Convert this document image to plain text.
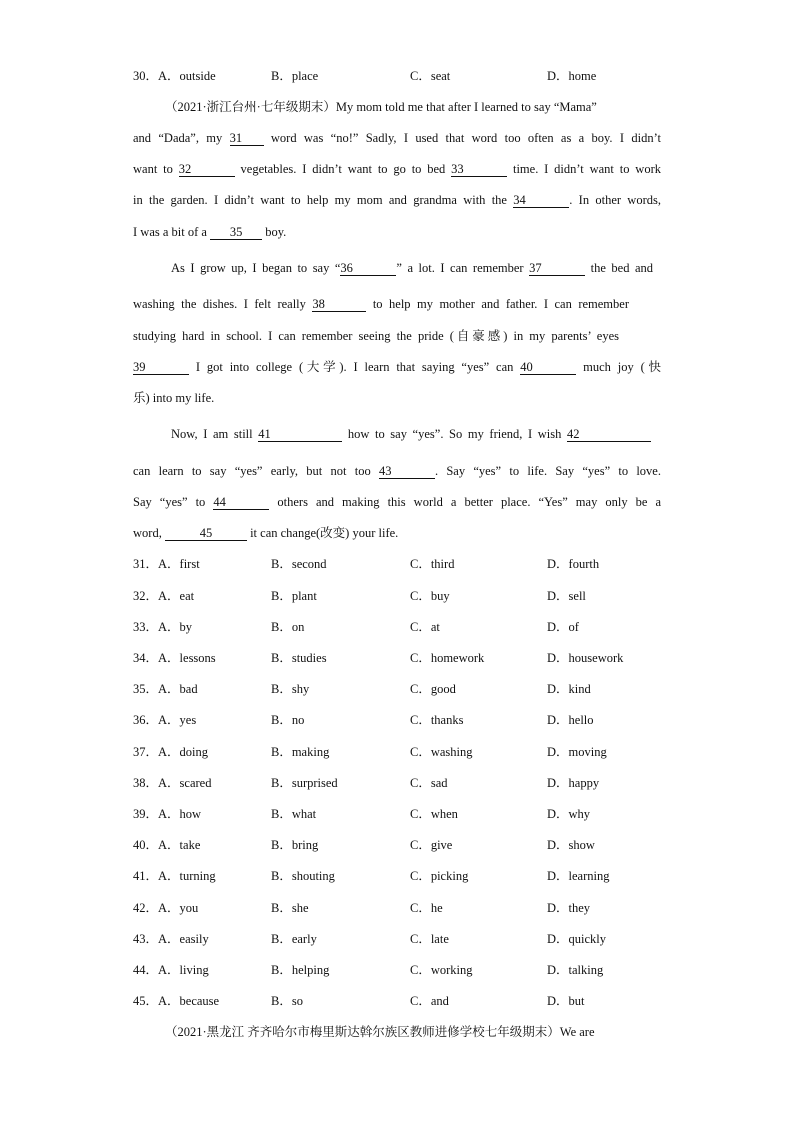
30．A．outside	B．place	C．seat	D．home
（2021·浙江台州·七年级期末）My mom told me that after I learned to say “Mama”
and “Dada”, my 31 word was “no!” Sadly, I used that word too often as a boy. I didn’t
want to 32	vegetables. I didn’t want to go to bed 33	time. I didn’t want to work
in the garden. I didn’t want to help my mom and grandma with the 34	. In other words,
I was a bit of a 35 boy.
As I grow up, I began to say “36	” a lot. I can remember 37	the bed and
washing the dishes. I felt really 38	to help my mother and father. I can remember
studying hard in school. I can remember seeing the pride (自豪感) in my parents’ eyes
39	I got into college (大学). I learn that saying “yes” can 40	much joy (快
乐) into my life.
Now, I am still 41	how to say “yes”. So my friend, I wish 42
can learn to say “yes” early, but not too 43	. Say “yes” to life. Say “yes” to love.
Say “yes” to 44	others and making this world a better place. “Yes” may only be a
word,	45	it can change(改变) your life.
31．A．first	B．second	C．third	D．fourth
32．A．eat	B．plant	C．buy	D．sell
33．A．by	B．on	C．at	D．of
34．A．lessons	B．studies	C．homework	D．housework
35．A．bad	B．shy	C．good	D．kind
36．A．yes	B．no	C．thanks	D．hello
37．A．doing	B．making	C．washing	D．moving
38．A．scared	B．surprised	C．sad	D．happy
39．A．how	B．what	C．when	D．why
40．A．take	B．bring	C．give	D．show
41．A．turning	B．shouting	C．picking	D．learning
42．A．you	B．she	C．he	D．they
43．A．easily	B．early	C．late	D．quickly
44．A．living	B．helping	C．working	D．talking
45．A．because	B．so	C．and	D．but
（2021·黑龙江 齐齐哈尔市梅里斯达斡尔族区教师进修学校七年级期末）We are
